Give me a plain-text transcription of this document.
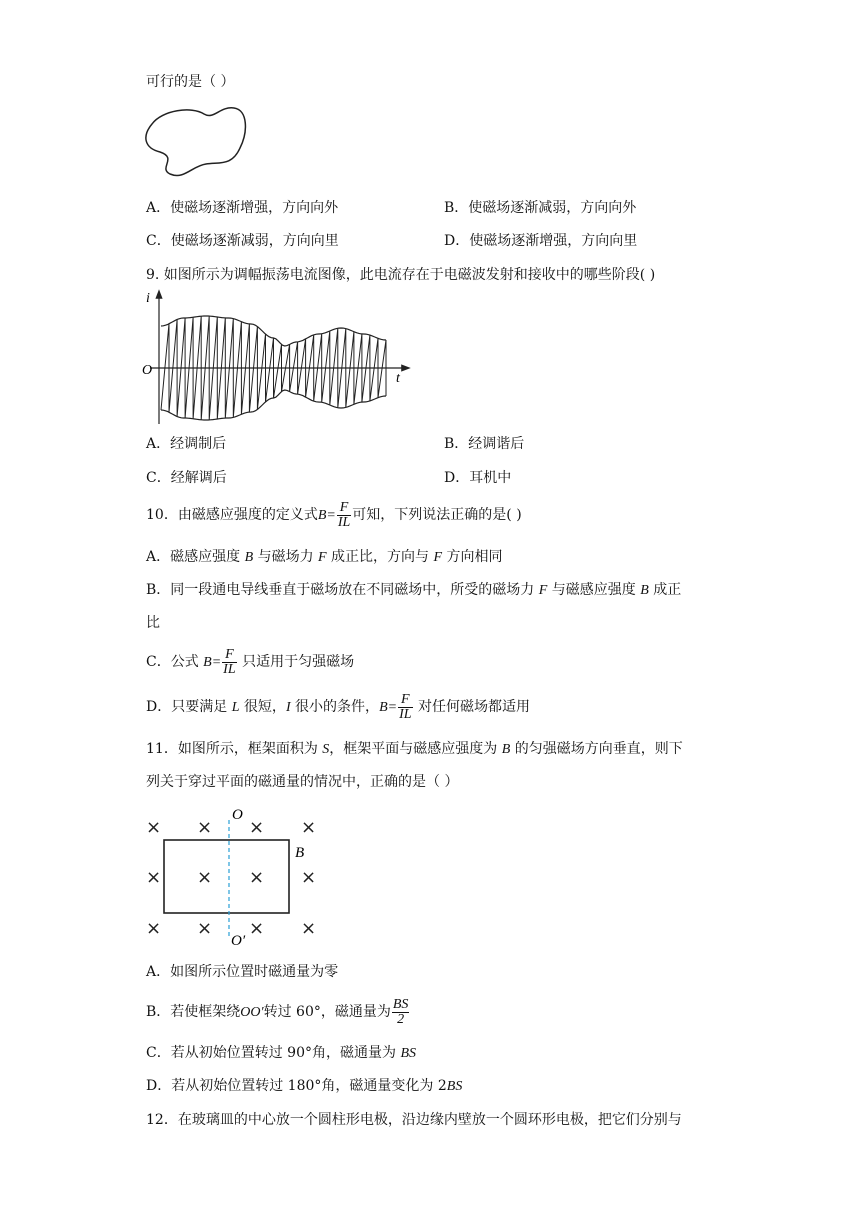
可行的是（ ）
A．使磁场逐渐增强，方向向外	B．使磁场逐渐减弱，方向向外
C．使磁场逐渐减弱，方向向里	D．使磁场逐渐增强，方向向里
9. 如图所示为调幅振荡电流图像，此电流存在于电磁波发射和接收中的哪些阶段( )
i
t
O
A．经调制后	B．经调谐后
C．经解调后	D．耳机中
10．由磁感应强度的定义式$B= \frac{F}{IL}$ 可知，下列说法正确的是( )
A．磁感应强度 B 与磁场力 F 成正比，方向与 F 方向相同
B．同一段通电导线垂直于磁场放在不同磁场中，所受的磁场力 F 与磁感应强度 B 成正
比
C．公式 $B= \frac{F}{IL}$ 只适用于匀强磁场
D．只要满足 L 很短，I 很小的条件，$B= \frac{F}{IL}$ 对任何磁场都适用
11．如图所示，框架面积为 S，框架平面与磁感应强度为 B 的匀强磁场方向垂直，则下
列关于穿过平面的磁通量的情况中，正确的是（ ）
× × × ×
× × × ×
× × × ×
O
O′
B
A．如图所示位置时磁通量为零
B．若使框架绕OO′转过 60°，磁通量为 $\frac{BS}{2}$
C．若从初始位置转过 90°角，磁通量为 BS
D．若从初始位置转过 180°角，磁通量变化为 2BS
12．在玻璃皿的中心放一个圆柱形电极，沿边缘内壁放一个圆环形电极，把它们分别与
